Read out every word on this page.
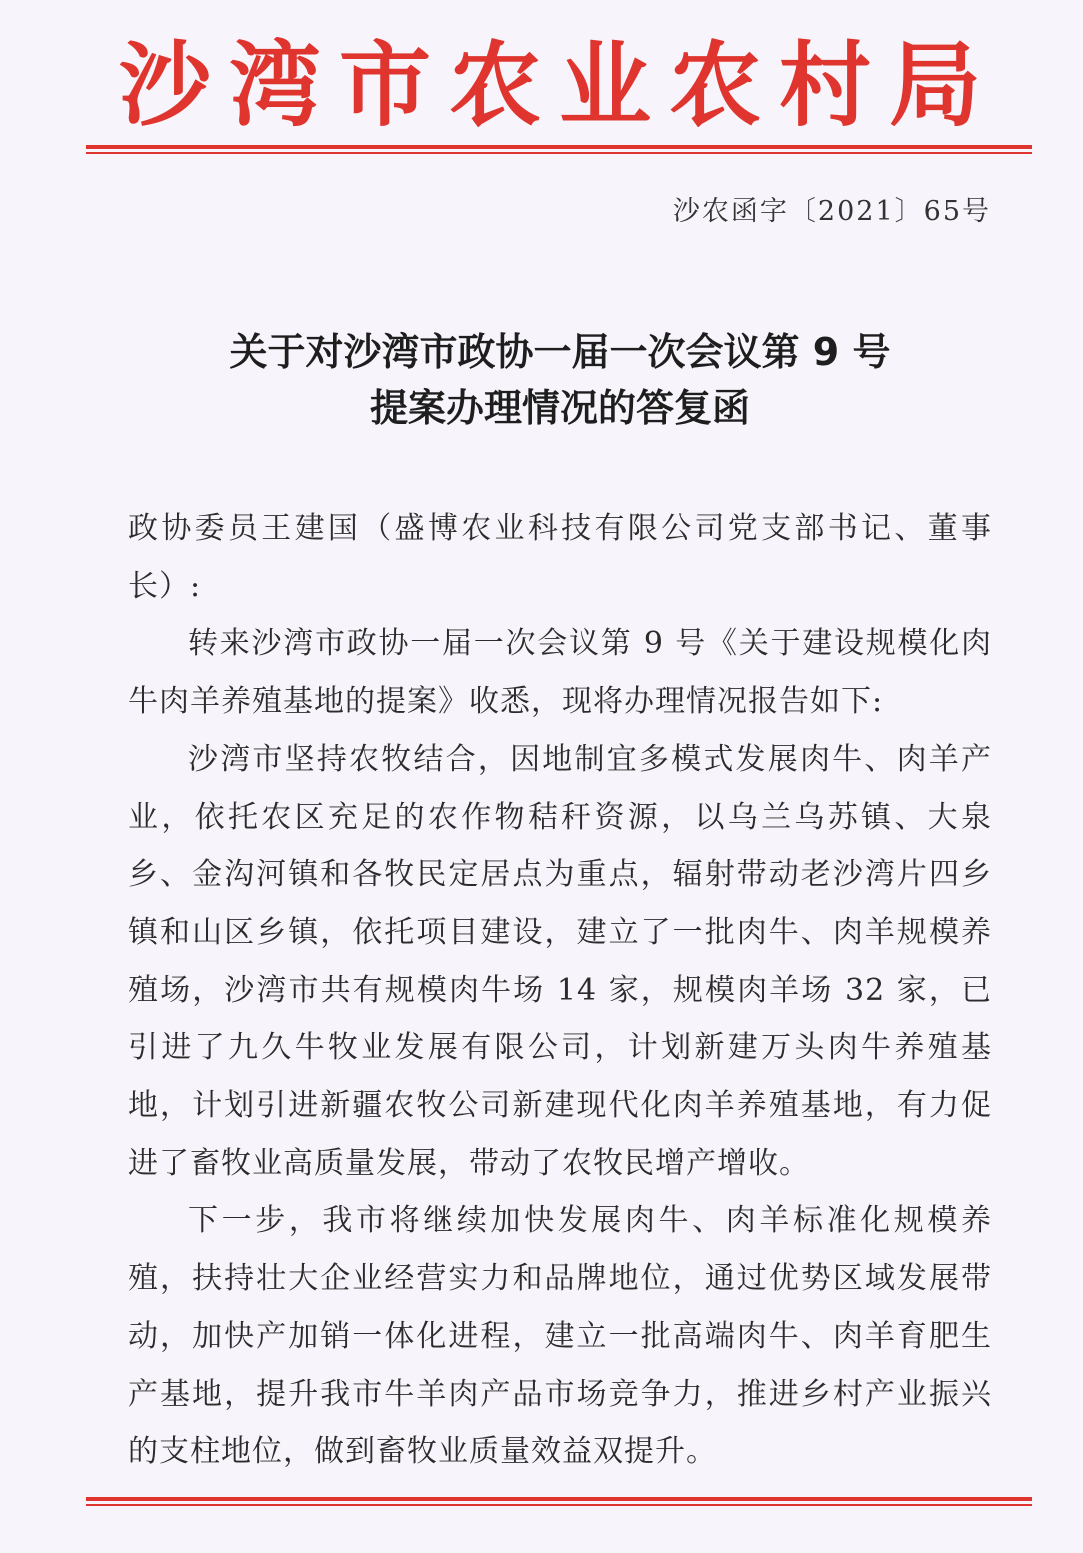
沙湾市农业农村局
沙农函字〔2021〕65号
关于对沙湾市政协一届一次会议第 9 号
提案办理情况的答复函

政协委员王建国（盛博农业科技有限公司党支部书记、董事长）:

转来沙湾市政协一届一次会议第 9 号《关于建设规模化肉牛肉羊养殖基地的提案》收悉，现将办理情况报告如下:

沙湾市坚持农牧结合，因地制宜多模式发展肉牛、肉羊产业，依托农区充足的农作物秸秆资源，以乌兰乌苏镇、大泉乡、金沟河镇和各牧民定居点为重点，辐射带动老沙湾片四乡镇和山区乡镇，依托项目建设，建立了一批肉牛、肉羊规模养殖场，沙湾市共有规模肉牛场 14 家，规模肉羊场 32 家，已引进了九久牛牧业发展有限公司，计划新建万头肉牛养殖基地，计划引进新疆农牧公司新建现代化肉羊养殖基地，有力促进了畜牧业高质量发展，带动了农牧民增产增收。

下一步，我市将继续加快发展肉牛、肉羊标准化规模养殖，扶持壮大企业经营实力和品牌地位，通过优势区域发展带动，加快产加销一体化进程，建立一批高端肉牛、肉羊育肥生产基地，提升我市牛羊肉产品市场竞争力，推进乡村产业振兴的支柱地位，做到畜牧业质量效益双提升。
